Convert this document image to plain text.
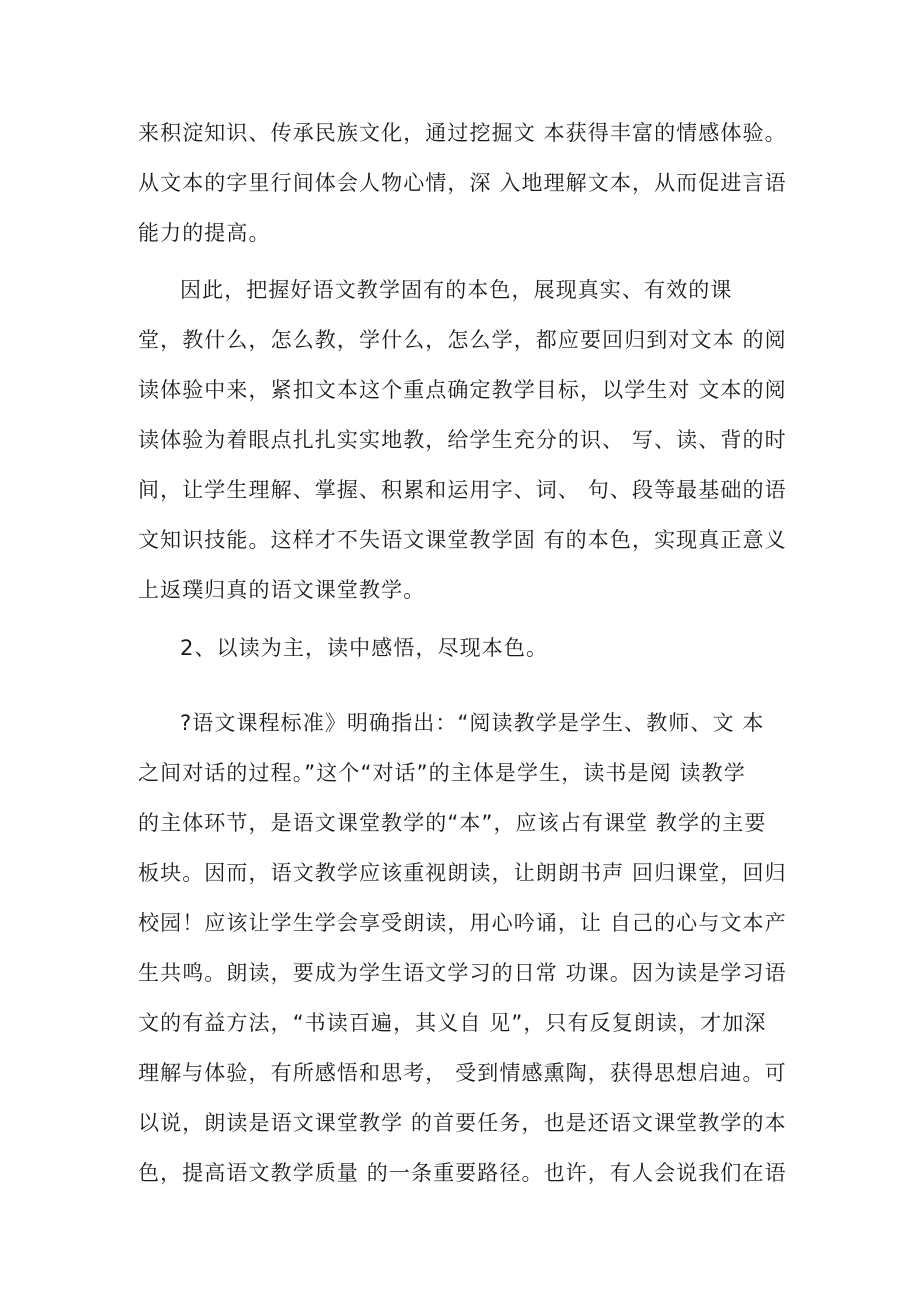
来积淀知识、传承民族文化，通过挖掘文 本获得丰富的情感体验。
从文本的字里行间体会人物心情，深 入地理解文本，从而促进言语
能力的提高。
因此，把握好语文教学固有的本色，展现真实、有效的课
堂，教什么，怎么教，学什么，怎么学，都应要回归到对文本 的阅
读体验中来，紧扣文本这个重点确定教学目标，以学生对 文本的阅
读体验为着眼点扎扎实实地教，给学生充分的识、 写、读、背的时
间，让学生理解、掌握、积累和运用字、词、 句、段等最基础的语
文知识技能。这样才不失语文课堂教学固 有的本色，实现真正意义
上返璞归真的语文课堂教学。
2、以读为主，读中感悟，尽现本色。
?语文课程标准》明确指出：“阅读教学是学生、教师、文 本
之间对话的过程。”这个“对话”的主体是学生，读书是阅 读教学
的主体环节，是语文课堂教学的“本”，应该占有课堂 教学的主要
板块。因而，语文教学应该重视朗读，让朗朗书声 回归课堂，回归
校园！应该让学生学会享受朗读，用心吟诵，让 自己的心与文本产
生共鸣。朗读，要成为学生语文学习的日常 功课。因为读是学习语
文的有益方法，“书读百遍，其义自 见”，只有反复朗读，才加深
理解与体验，有所感悟和思考， 受到情感熏陶，获得思想启迪。可
以说，朗读是语文课堂教学 的首要任务，也是还语文课堂教学的本
色，提高语文教学质量 的一条重要路径。也许，有人会说我们在语
